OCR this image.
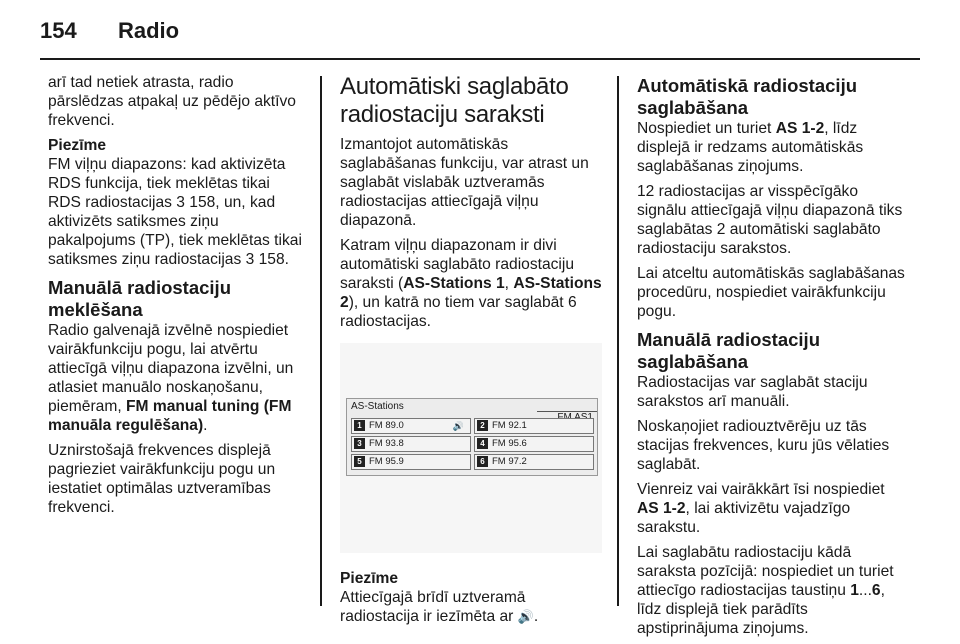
154 Radio

arī tad netiek atrasta, radio pārslēdzas atpakaļ uz pēdējo aktīvo frekvenci.

Piezīme

FM viļņu diapazons: kad aktivizēta RDS funkcija, tiek meklētas tikai RDS radiostacijas 3 158, un, kad aktivizēts satiksmes ziņu pakalpojums (TP), tiek meklētas tikai satiksmes ziņu radiostacijas 3 158.

Manuālā radiostaciju meklēšana

Radio galvenajā izvēlnē nospiediet vairākfunkciju pogu, lai atvērtu attiecīgā viļņu diapazona izvēlni, un atlasiet manuālo noskaņošanu, piemēram, FM manual tuning (FM manuāla regulēšana).

Uznirstošajā frekvences displejā pagrieziet vairākfunkciju pogu un iestatiet optimālas uztveramības frekvenci.

Automātiski saglabāto radiostaciju saraksti

Izmantojot automātiskās saglabāšanas funkciju, var atrast un saglabāt vislabāk uztveramās radiostacijas attiecīgajā viļņu diapazonā.

Katram viļņu diapazonam ir divi automātiski saglabāto radiostaciju saraksti (AS-Stations 1, AS-Stations 2), un katrā no tiem var saglabāt 6 radiostacijas.

AS-Stations
1 FM 89.0	🔊	2 FM 92.1
3 FM 93.8	4 FM 95.6
5 FM 95.9	6 FM 97.2

Piezīme

Attiecīgajā brīdī uztveramā radiostacija ir iezīmēta ar 🔊.

Automātiskā radiostaciju saglabāšana

Nospiediet un turiet AS 1-2, līdz displejā ir redzams automātiskās saglabāšanas ziņojums.

12 radiostacijas ar visspēcīgāko signālu attiecīgajā viļņu diapazonā tiks saglabātas 2 automātiski saglabāto radiostaciju sarakstos.

Lai atceltu automātiskās saglabāšanas procedūru, nospiediet vairākfunkciju pogu.

Manuālā radiostaciju saglabāšana

Radiostacijas var saglabāt staciju sarakstos arī manuāli.

Noskaņojiet radiouztvērēju uz tās stacijas frekvences, kuru jūs vēlaties saglabāt.

Vienreiz vai vairākkārt īsi nospiediet AS 1-2, lai aktivizētu vajadzīgo sarakstu.

Lai saglabātu radiostaciju kādā saraksta pozīcijā: nospiediet un turiet attiecīgo radiostacijas taustiņu 1...6, līdz displejā tiek parādīts apstiprinājuma ziņojums.
